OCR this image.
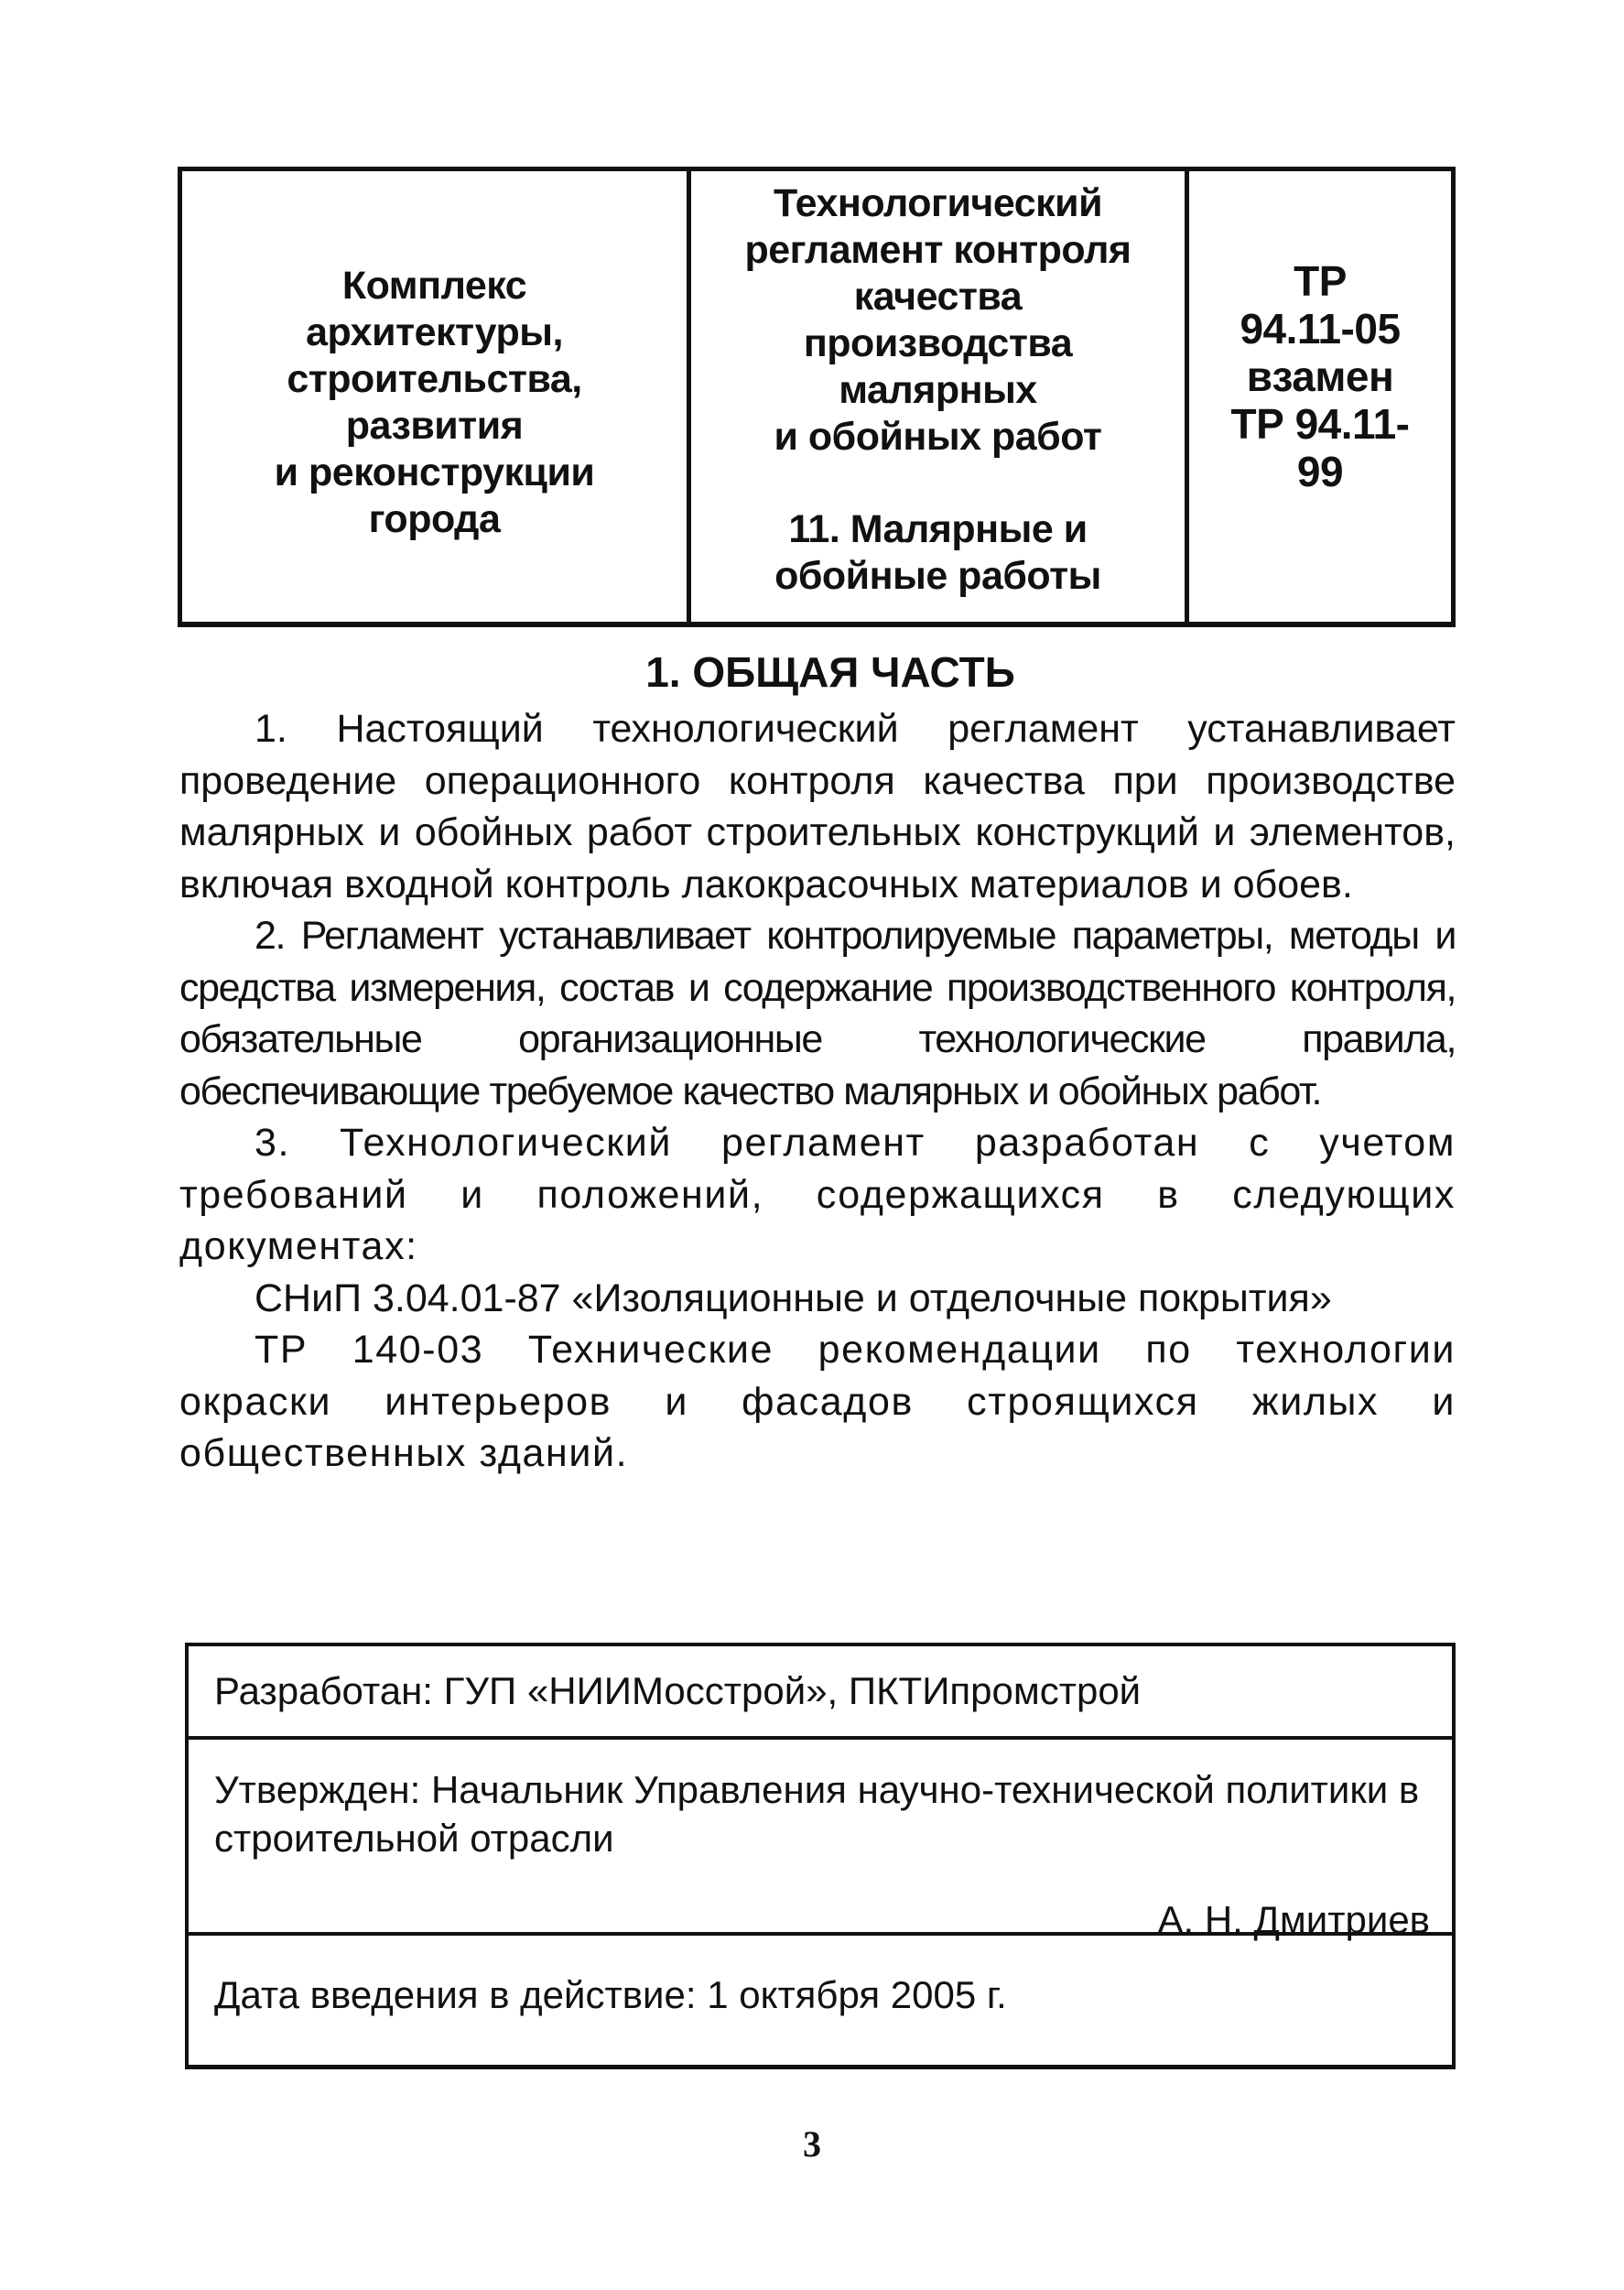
Комплекс
архитектуры,
строительства,
развития
и реконструкции
города
Технологический
регламент контроля
качества
производства
малярных
и обойных работ
11. Малярные и
обойные работы
ТР
94.11-05
взамен
ТР 94.11-
99
1. ОБЩАЯ ЧАСТЬ

1. Настоящий технологический регламент устанавливает проведение операционного контроля качества при производстве малярных и обойных работ строительных конструкций и элементов, включая входной контроль лакокрасочных материалов и обоев.

2. Регламент устанавливает контролируемые параметры, методы и средства измерения, состав и содержание производственного контроля, обязательные организационные технологические правила, обеспечивающие требуемое качество малярных и обойных работ.

3. Технологический регламент разработан с учетом требований и положений, содержащихся в следующих документах:

СНиП 3.04.01-87 «Изоляционные и отделочные покрытия»

ТР 140-03 Технические рекомендации по технологии окраски интерьеров и фасадов строящихся жилых и общественных зданий.

Разработан: ГУП «НИИМосстрой», ПКТИпромстрой
Утвержден: Начальник Управления научно-технической политики в строительной отрасли
А. Н. Дмитриев
Дата введения в действие: 1 октября 2005 г.
3
